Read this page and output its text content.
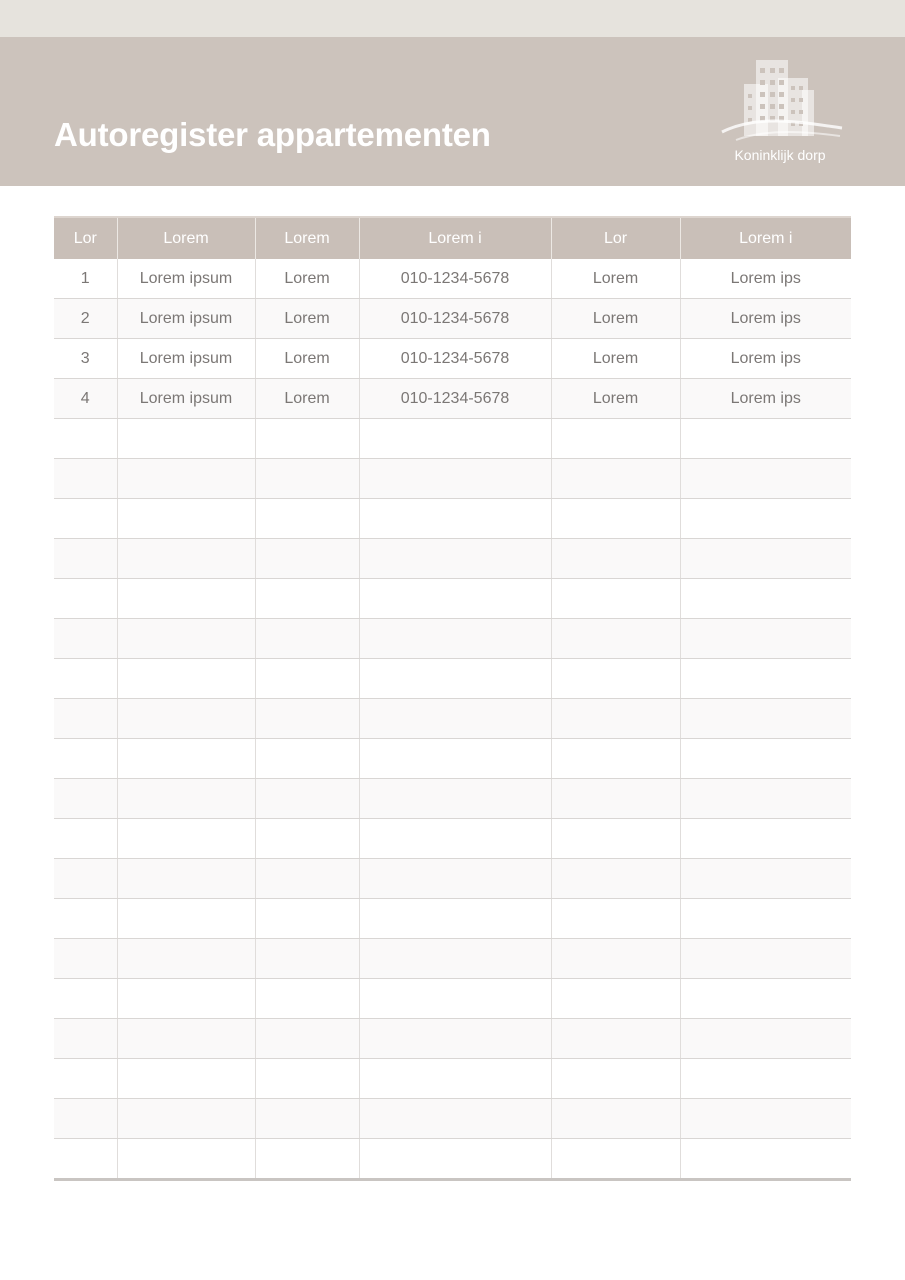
Autoregister appartementen
Koninklijk dorp
Lor	Lorem	Lorem	Lorem i	Lor	Lorem i
1	Lorem ipsum	Lorem	010-1234-5678	Lorem	Lorem ips
2	Lorem ipsum	Lorem	010-1234-5678	Lorem	Lorem ips
3	Lorem ipsum	Lorem	010-1234-5678	Lorem	Lorem ips
4	Lorem ipsum	Lorem	010-1234-5678	Lorem	Lorem ips
